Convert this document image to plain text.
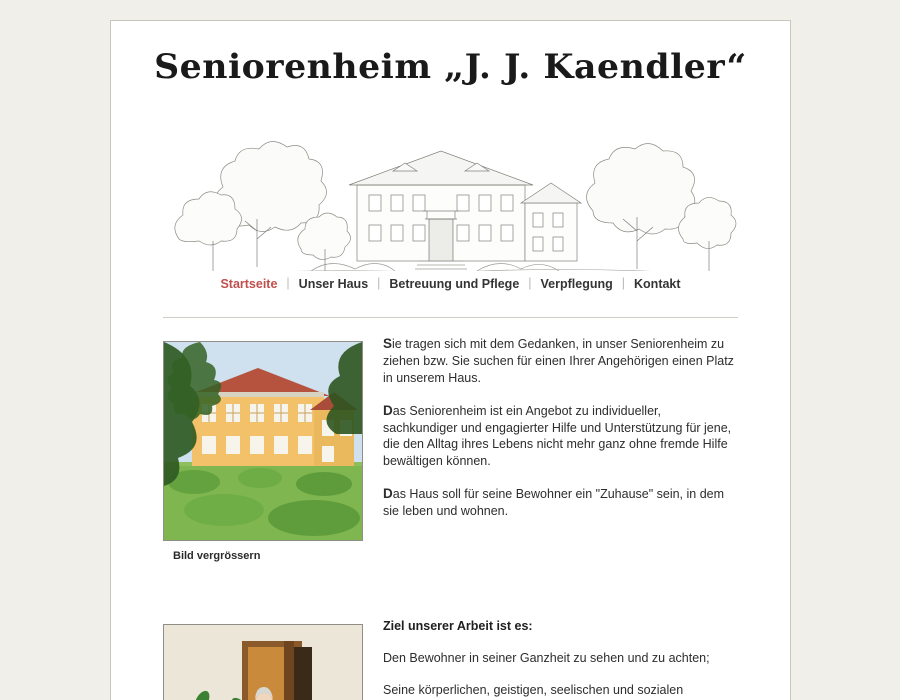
Seniorenheim „J. J. Kaendler“
Startseite | Unser Haus | Betreuung und Pflege | Verpflegung | Kontakt
Bild vergrössern

Sie tragen sich mit dem Gedanken, in unser Seniorenheim zu ziehen bzw. Sie suchen für einen Ihrer Angehörigen einen Platz in unserem Haus.

Das Seniorenheim ist ein Angebot zu individueller, sachkundiger und engagierter Hilfe und Unterstützung für jene, die den Alltag ihres Lebens nicht mehr ganz ohne fremde Hilfe bewältigen können.

Das Haus soll für seine Bewohner ein "Zuhause" sein, in dem sie leben und wohnen.

Ziel unserer Arbeit ist es:

Den Bewohner in seiner Ganzheit zu sehen und zu achten;

Seine körperlichen, geistigen, seelischen und sozialen
